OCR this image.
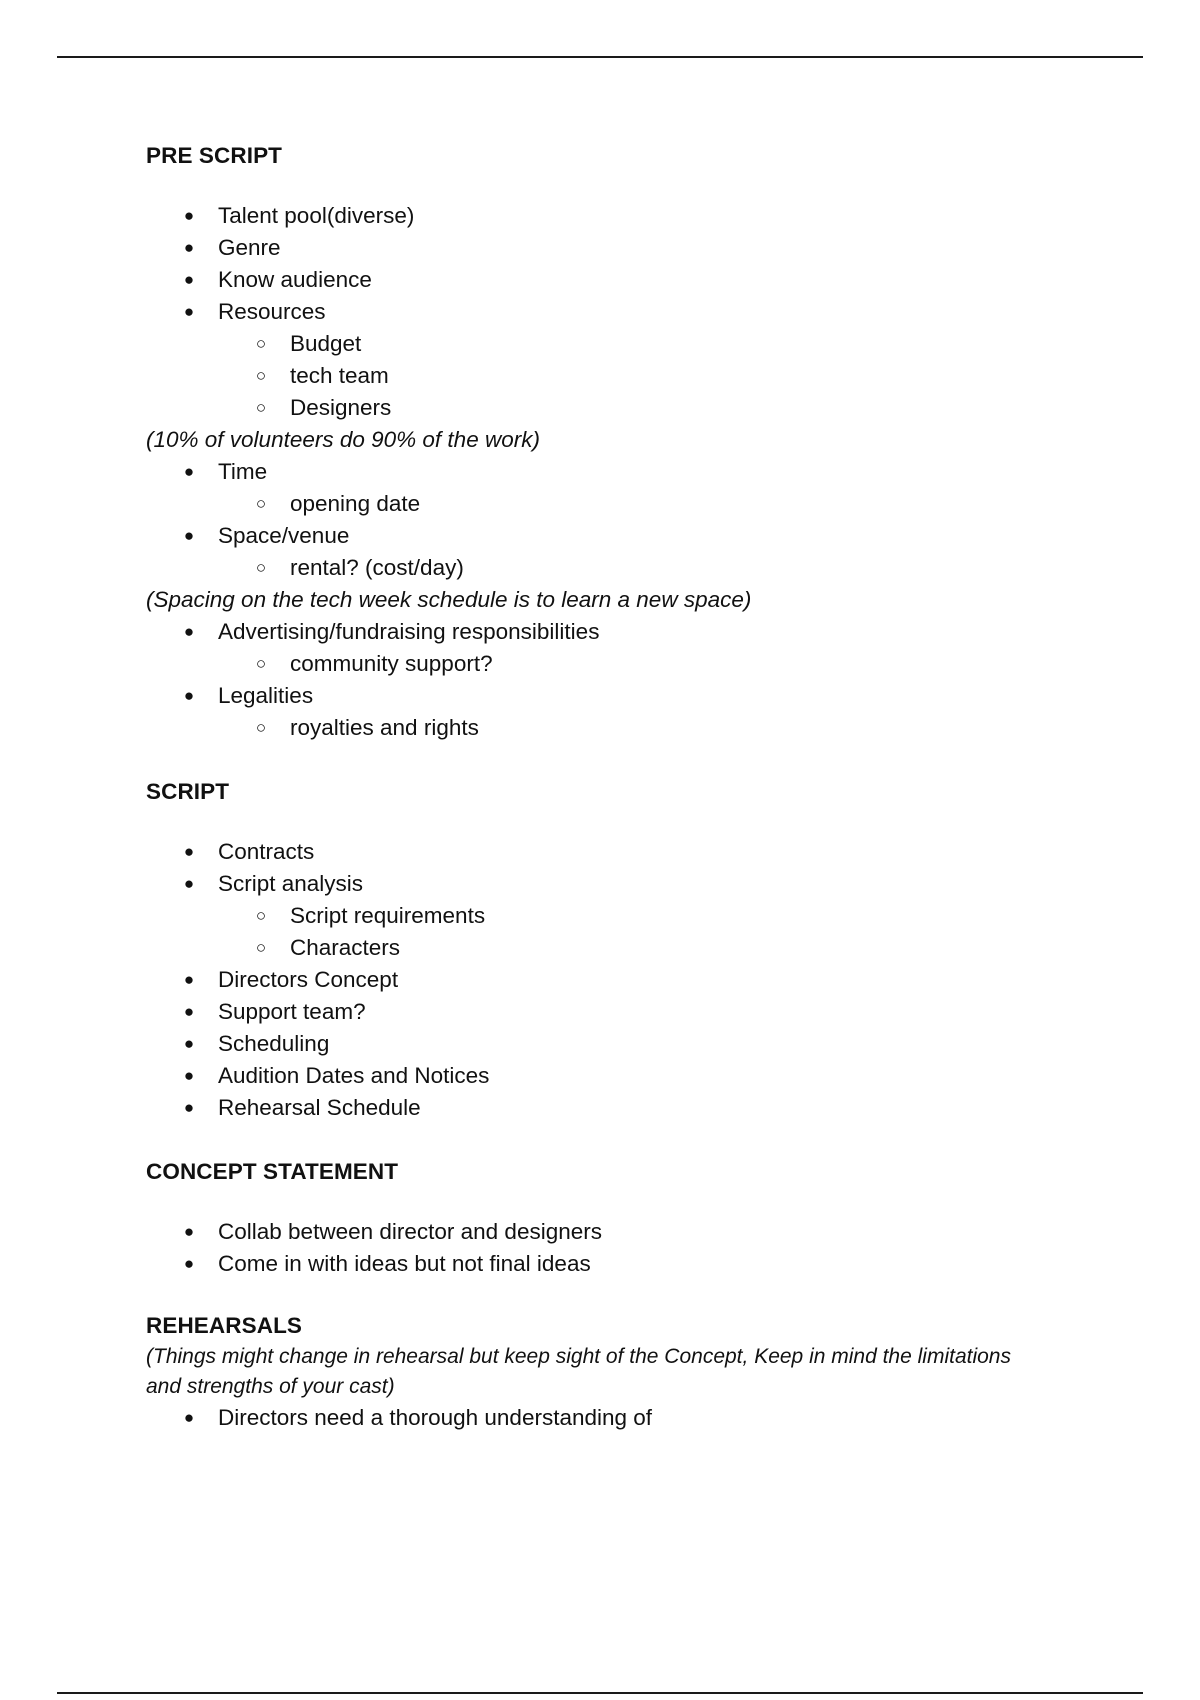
PRE SCRIPT
● Talent pool(diverse)
● Genre
● Know audience
● Resources
○ Budget
○ tech team
○ Designers
(10% of volunteers do 90% of the work)
● Time
○ opening date
● Space/venue
○ rental? (cost/day)
(Spacing on the tech week schedule is to learn a new space)
● Advertising/fundraising responsibilities
○ community support?
● Legalities
○ royalties and rights
SCRIPT
● Contracts
● Script analysis
○ Script requirements
○ Characters
● Directors Concept
● Support team?
● Scheduling
● Audition Dates and Notices
● Rehearsal Schedule
CONCEPT STATEMENT
● Collab between director and designers
● Come in with ideas but not final ideas
REHEARSALS
(Things might change in rehearsal but keep sight of the Concept, Keep in mind the limitations
and strengths of your cast)
● Directors need a thorough understanding of
